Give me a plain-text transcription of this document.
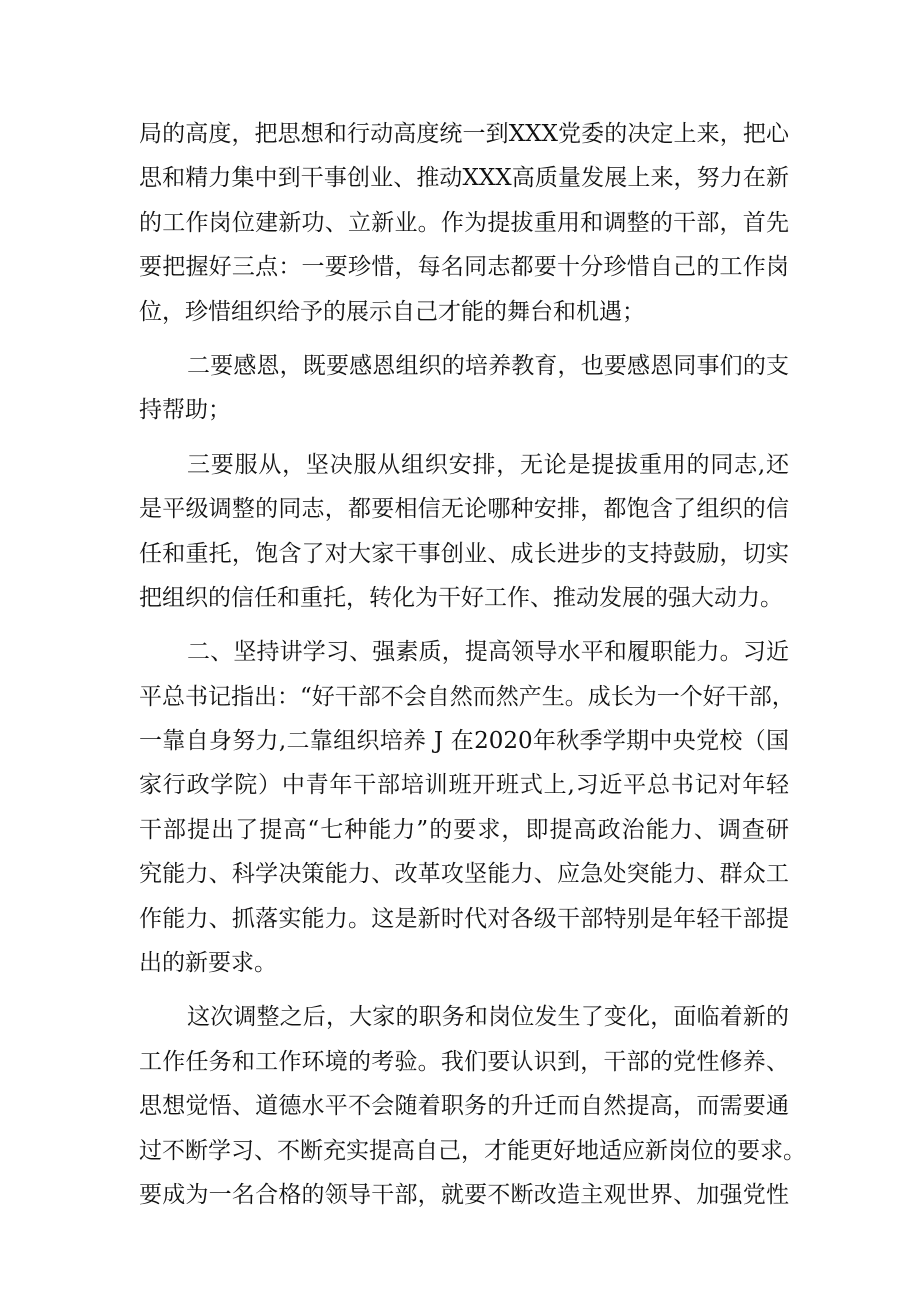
局的高度，把思想和行动高度统一到XXX党委的决定上来，把心
思和精力集中到干事创业、推动XXX高质量发展上来，努力在新
的工作岗位建新功、立新业。作为提拔重用和调整的干部，首先
要把握好三点：一要珍惜，每名同志都要十分珍惜自己的工作岗
位，珍惜组织给予的展示自己才能的舞台和机遇；
二要感恩，既要感恩组织的培养教育，也要感恩同事们的支
持帮助；
三要服从，坚决服从组织安排，无论是提拔重用的同志,还
是平级调整的同志，都要相信无论哪种安排，都饱含了组织的信
任和重托，饱含了对大家干事创业、成长进步的支持鼓励，切实
把组织的信任和重托，转化为干好工作、推动发展的强大动力。
二、坚持讲学习、强素质，提高领导水平和履职能力。习近
平总书记指出：“好干部不会自然而然产生。成长为一个好干部，
一靠自身努力,二靠组织培养 J 在2020年秋季学期中央党校（国
家行政学院）中青年干部培训班开班式上,习近平总书记对年轻
干部提出了提高“七种能力”的要求，即提高政治能力、调查研
究能力、科学决策能力、改革攻坚能力、应急处突能力、群众工
作能力、抓落实能力。这是新时代对各级干部特别是年轻干部提
出的新要求。
这次调整之后，大家的职务和岗位发生了变化，面临着新的
工作任务和工作环境的考验。我们要认识到，干部的党性修养、
思想觉悟、道德水平不会随着职务的升迁而自然提高，而需要通
过不断学习、不断充实提高自己，才能更好地适应新岗位的要求。
要成为一名合格的领导干部，就要不断改造主观世界、加强党性
